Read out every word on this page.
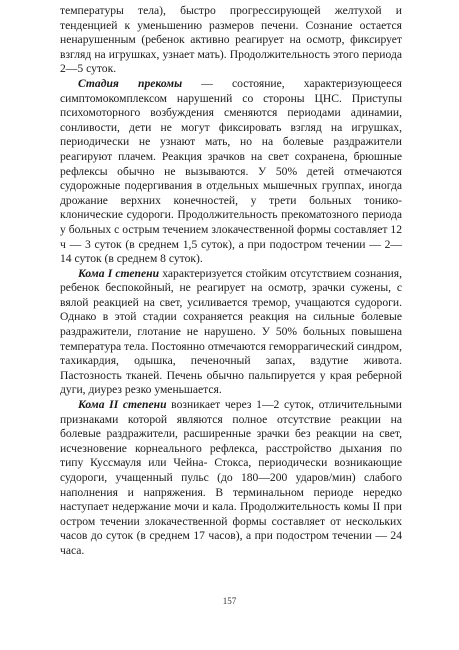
температуры тела), быстро прогрессирующей желтухой и тенденцией к уменьшению размеров печени. Сознание остается ненарушенным (ребенок активно реагирует на осмотр, фиксирует взгляд на игрушках, узнает мать). Продолжительность этого периода 2—5 суток.

Стадия прекомы — состояние, характеризующееся симптомокомплексом нарушений со стороны ЦНС. Приступы психомоторного возбуждения сменяются периодами адинамии, сонливости, дети не могут фиксировать взгляд на игрушках, периодически не узнают мать, но на болевые раздражители реагируют плачем. Реакция зрачков на свет сохранена, брюшные рефлексы обычно не вызываются. У 50% детей отмечаются судорожные подергивания в отдельных мышечных группах, иногда дрожание верхних конечностей, у трети больных тонико-клонические судороги. Продолжительность прекоматозного периода у больных с острым течением злокачественной формы составляет 12 ч — 3 суток (в среднем 1,5 суток), а при подостром течении — 2— 14 суток (в среднем 8 суток).

Кома I степени характеризуется стойким отсутствием сознания, ребенок беспокойный, не реагирует на осмотр, зрачки сужены, с вялой реакцией на свет, усиливается тремор, учащаются судороги. Однако в этой стадии сохраняется реакция на сильные болевые раздражители, глотание не нарушено. У 50% больных повышена температура тела. Постоянно отмечаются геморрагический синдром, тахикардия, одышка, печеночный запах, вздутие живота. Пастозность тканей. Печень обычно пальпируется у края реберной дуги, диурез резко уменьшается.

Кома II степени возникает через 1—2 суток, отличительными признаками которой являются полное отсутствие реакции на болевые раздражители, расширенные зрачки без реакции на свет, исчезновение корнеального рефлекса, расстройство дыхания по типу Куссмауля или Чейна- Стокса, периодически возникающие судороги, учащенный пульс (до 180—200 ударов/мин) слабого наполнения и напряжения. В терминальном периоде нередко наступает недержание мочи и кала. Продолжительность комы II при остром течении злокачественной формы составляет от нескольких часов до суток (в среднем 17 часов), а при подостром течении — 24 часа.

157
